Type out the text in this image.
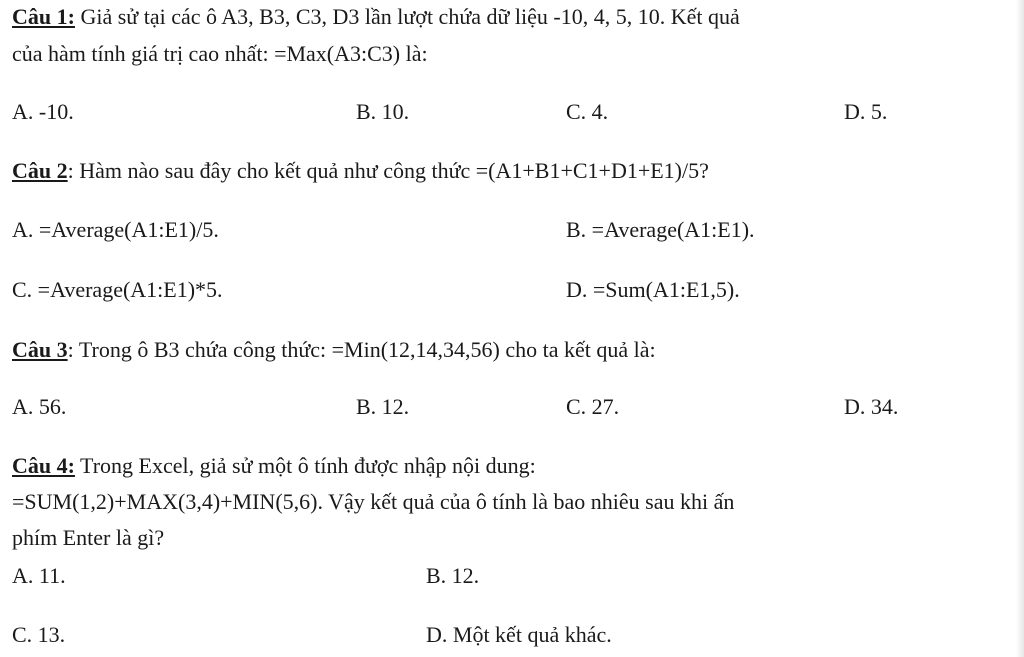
Câu 1: Giả sử tại các ô A3, B3, C3, D3 lần lượt chứa dữ liệu -10, 4, 5, 10. Kết quả
của hàm tính giá trị cao nhất: =Max(A3:C3) là:
A. -10.	B. 10.	C. 4.	D. 5.
Câu 2: Hàm nào sau đây cho kết quả như công thức =(A1+B1+C1+D1+E1)/5?
A. =Average(A1:E1)/5.	B. =Average(A1:E1).
C. =Average(A1:E1)*5.	D. =Sum(A1:E1,5).
Câu 3: Trong ô B3 chứa công thức: =Min(12,14,34,56) cho ta kết quả là:
A. 56.	B. 12.	C. 27.	D. 34.
Câu 4: Trong Excel, giả sử một ô tính được nhập nội dung:
=SUM(1,2)+MAX(3,4)+MIN(5,6). Vậy kết quả của ô tính là bao nhiêu sau khi ấn
phím Enter là gì?
A. 11.	B. 12.
C. 13.	D. Một kết quả khác.
